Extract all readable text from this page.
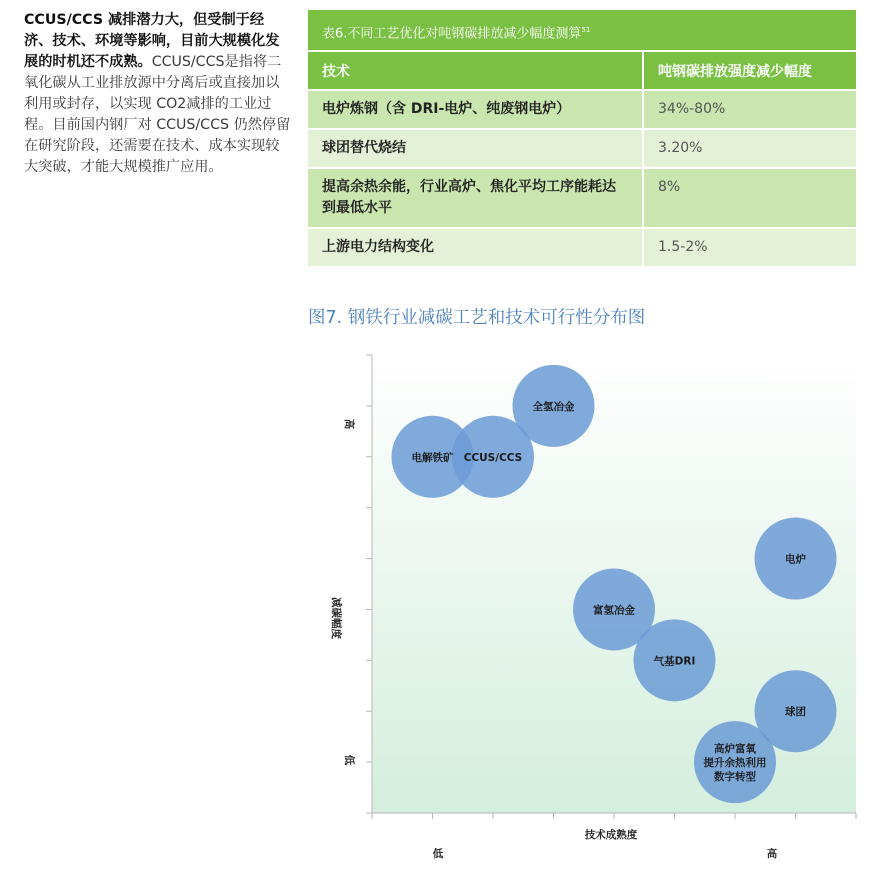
CCUS/CCS 减排潜力大，但受制于经济、技术、环境等影响，目前大规模化发展的时机还不成熟。CCUS/CCS是指将二氧化碳从工业排放源中分离后或直接加以利用或封存，以实现 CO2减排的工业过程。目前国内钢厂对 CCUS/CCS 仍然停留在研究阶段，还需要在技术、成本实现较大突破，才能大规模推广应用。
表6.不同工艺优化对吨钢碳排放减少幅度测算$^{51}$
技术	吨钢碳排放强度减少幅度
电炉炼钢（含 DRI-电炉、纯废钢电炉）	34%-80%
球团替代烧结	3.20%
提高余热余能，行业高炉、焦化平均工序能耗达到最低水平	8%
上游电力结构变化	1.5-2%
图7. 钢铁行业减碳工艺和技术可行性分布图
技术成熟度
低	高
减碳幅度
高
低
全氢冶金
电解铁矿 CCUS/CCS
电炉
富氢冶金
气基DRI
球团
高炉富氧提升余热利用数字转型
